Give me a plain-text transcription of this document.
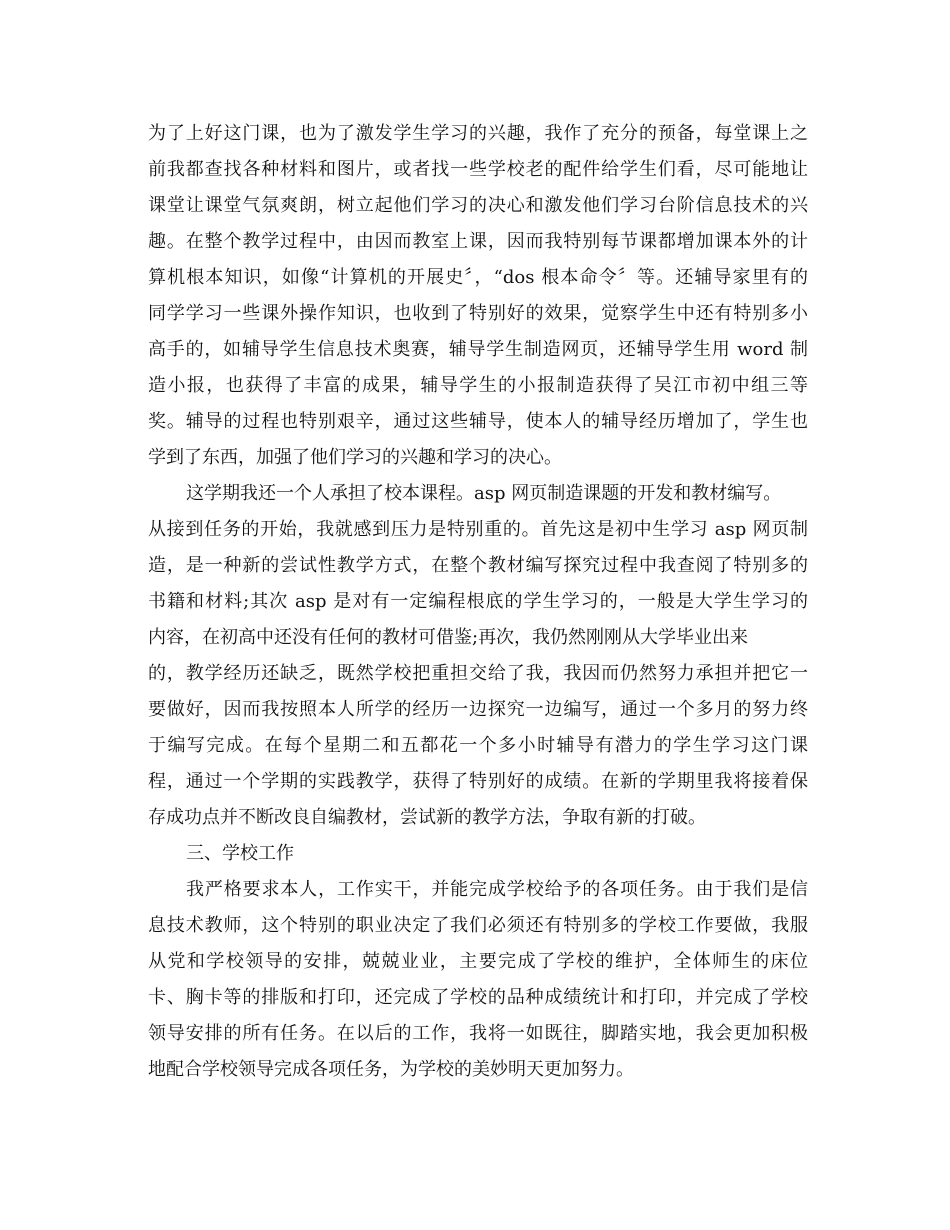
为了上好这门课，也为了激发学生学习的兴趣，我作了充分的预备，每堂课上之
前我都查找各种材料和图片，或者找一些学校老的配件给学生们看，尽可能地让
课堂让课堂气氛爽朗，树立起他们学习的决心和激发他们学习台阶信息技术的兴
趣。在整个教学过程中，由因而教室上课，因而我特别每节课都增加课本外的计
算机根本知识，如像“计算机的开展史〞，“dos 根本命令〞等。还辅导家里有的
同学学习一些课外操作知识，也收到了特别好的效果，觉察学生中还有特别多小
高手的，如辅导学生信息技术奥赛，辅导学生制造网页，还辅导学生用 word 制
造小报，也获得了丰富的成果，辅导学生的小报制造获得了吴江市初中组三等
奖。辅导的过程也特别艰辛，通过这些辅导，使本人的辅导经历增加了，学生也
学到了东西，加强了他们学习的兴趣和学习的决心。
这学期我还一个人承担了校本课程。asp 网页制造课题的开发和教材编写。
从接到任务的开始，我就感到压力是特别重的。首先这是初中生学习 asp 网页制
造，是一种新的尝试性教学方式，在整个教材编写探究过程中我查阅了特别多的
书籍和材料;其次 asp 是对有一定编程根底的学生学习的，一般是大学生学习的
内容，在初高中还没有任何的教材可借鉴;再次，我仍然刚刚从大学毕业出来
的，教学经历还缺乏，既然学校把重担交给了我，我因而仍然努力承担并把它一
要做好，因而我按照本人所学的经历一边探究一边编写，通过一个多月的努力终
于编写完成。在每个星期二和五都花一个多小时辅导有潜力的学生学习这门课
程，通过一个学期的实践教学，获得了特别好的成绩。在新的学期里我将接着保
存成功点并不断改良自编教材，尝试新的教学方法，争取有新的打破。
三、学校工作
我严格要求本人，工作实干，并能完成学校给予的各项任务。由于我们是信
息技术教师，这个特别的职业决定了我们必须还有特别多的学校工作要做，我服
从党和学校领导的安排，兢兢业业，主要完成了学校的维护，全体师生的床位
卡、胸卡等的排版和打印，还完成了学校的品种成绩统计和打印，并完成了学校
领导安排的所有任务。在以后的工作，我将一如既往，脚踏实地，我会更加积极
地配合学校领导完成各项任务，为学校的美妙明天更加努力。
